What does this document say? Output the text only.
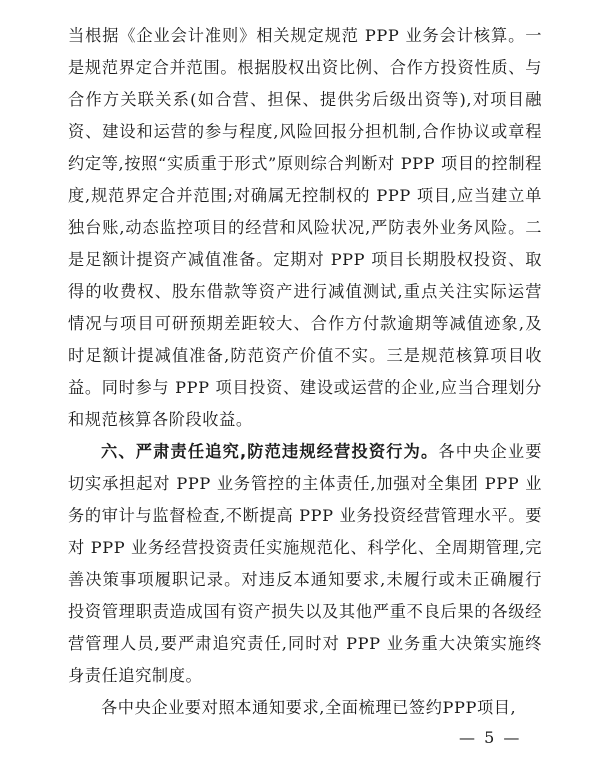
当根据《企业会计准则》相关规定规范 PPP 业务会计核算。一是规范界定合并范围。根据股权出资比例、合作方投资性质、与合作方关联关系(如合营、担保、提供劣后级出资等),对项目融资、建设和运营的参与程度,风险回报分担机制,合作协议或章程约定等,按照“实质重于形式”原则综合判断对 PPP 项目的控制程度,规范界定合并范围;对确属无控制权的 PPP 项目,应当建立单独台账,动态监控项目的经营和风险状况,严防表外业务风险。二是足额计提资产减值准备。定期对 PPP 项目长期股权投资、取得的收费权、股东借款等资产进行减值测试,重点关注实际运营情况与项目可研预期差距较大、合作方付款逾期等减值迹象,及时足额计提减值准备,防范资产价值不实。三是规范核算项目收益。同时参与 PPP 项目投资、建设或运营的企业,应当合理划分和规范核算各阶段收益。

六、严肃责任追究,防范违规经营投资行为。各中央企业要切实承担起对 PPP 业务管控的主体责任,加强对全集团 PPP 业务的审计与监督检查,不断提高 PPP 业务投资经营管理水平。要对 PPP 业务经营投资责任实施规范化、科学化、全周期管理,完善决策事项履职记录。对违反本通知要求,未履行或未正确履行投资管理职责造成国有资产损失以及其他严重不良后果的各级经营管理人员,要严肃追究责任,同时对 PPP 业务重大决策实施终身责任追究制度。

各中央企业要对照本通知要求,全面梳理已签约PPP项目,

— 5 —
